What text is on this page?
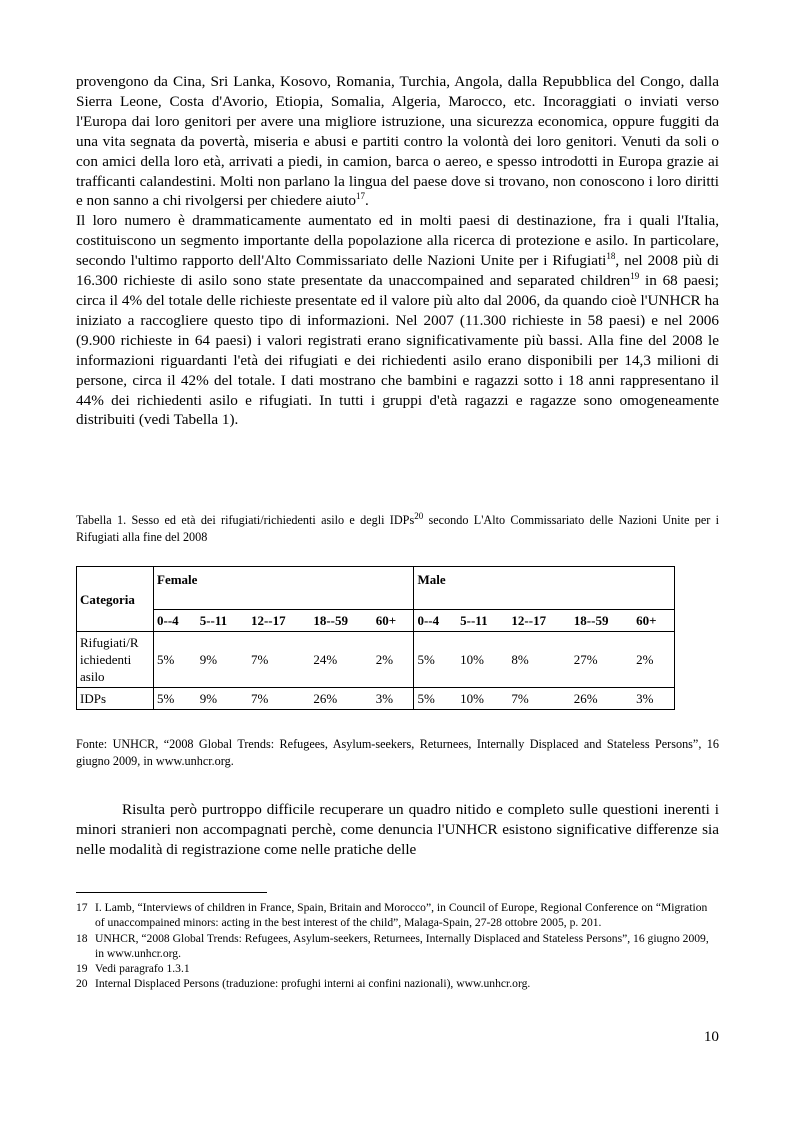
provengono da Cina, Sri Lanka, Kosovo, Romania, Turchia, Angola, dalla Repubblica del Congo, dalla Sierra Leone, Costa d'Avorio, Etiopia, Somalia, Algeria, Marocco, etc. Incoraggiati o inviati verso l'Europa dai loro genitori per avere una migliore istruzione, una sicurezza economica, oppure fuggiti da una vita segnata da povertà, miseria e abusi e partiti contro la volontà dei loro genitori. Venuti da soli o con amici della loro età, arrivati a piedi, in camion, barca o aereo, e spesso introdotti in Europa grazie ai trafficanti calandestini. Molti non parlano la lingua del paese dove si trovano, non conoscono i loro diritti e non sanno a chi rivolgersi per chiedere aiuto$^{17}$.

Il loro numero è drammaticamente aumentato ed in molti paesi di destinazione, fra i quali l'Italia, costituiscono un segmento importante della popolazione alla ricerca di protezione e asilo. In particolare, secondo l'ultimo rapporto dell'Alto Commissariato delle Nazioni Unite per i Rifugiati$^{18}$, nel 2008 più di 16.300 richieste di asilo sono state presentate da unaccompained and separated children$^{19}$ in 68 paesi; circa il 4% del totale delle richieste presentate ed il valore più alto dal 2006, da quando cioè l'UNHCR ha iniziato a raccogliere questo tipo di informazioni. Nel 2007 (11.300 richieste in 58 paesi) e nel 2006 (9.900 richieste in 64 paesi) i valori registrati erano significativamente più bassi. Alla fine del 2008 le informazioni riguardanti l'età dei rifugiati e dei richiedenti asilo erano disponibili per 14,3 milioni di persone, circa il 42% del totale. I dati mostrano che bambini e ragazzi sotto i 18 anni rappresentano il 44% dei richiedenti asilo e rifugiati. In tutti i gruppi d'età ragazzi e ragazze sono omogeneamente distribuiti (vedi Tabella 1).

Tabella 1. Sesso ed età dei rifugiati/richiedenti asilo e degli IDPs$^{20}$ secondo L'Alto Commissariato delle Nazioni Unite per i Rifugiati alla fine del 2008

Categoria	Female					Male				
	0--4	5--11	12--17	18--59	60+	0--4	5--11	12--17	18--59	60+
Rifugiati/R ichiedenti asilo	5%	9%	7%	24%	2%	5%	10%	8%	27%	2%
IDPs	5%	9%	7%	26%	3%	5%	10%	7%	26%	3%

Fonte: UNHCR, “2008 Global Trends: Refugees, Asylum-seekers, Returnees, Internally Displaced and Stateless Persons”, 16 giugno 2009, in www.unhcr.org.

Risulta però purtroppo difficile recuperare un quadro nitido e completo sulle questioni inerenti i minori stranieri non accompagnati perchè, come denuncia l'UNHCR esistono significative differenze sia nelle modalità di registrazione come nelle pratiche delle

17 I. Lamb, “Interviews of children in France, Spain, Britain and Morocco”, in Council of Europe, Regional Conference on “Migration of unaccompained minors: acting in the best interest of the child”, Malaga-Spain, 27-28 ottobre 2005, p. 201.
18 UNHCR, “2008 Global Trends: Refugees, Asylum-seekers, Returnees, Internally Displaced and Stateless Persons”, 16 giugno 2009, in www.unhcr.org.
19 Vedi paragrafo 1.3.1
20 Internal Displaced Persons (traduzione: profughi interni ai confini nazionali), www.unhcr.org.
10
